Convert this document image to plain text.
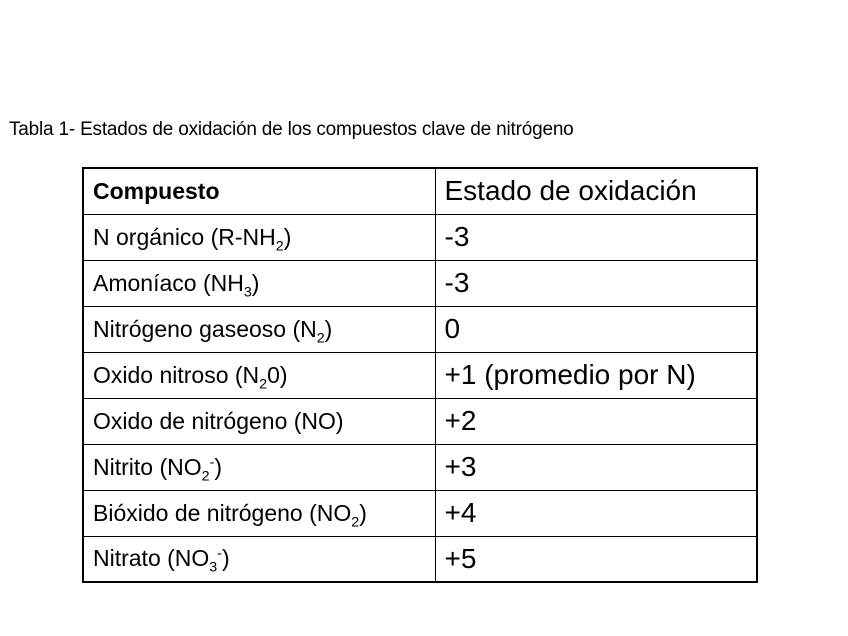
Tabla 1- Estados de oxidación de los compuestos clave de nitrógeno
Compuesto	Estado de oxidación
N orgánico $(R-NH_2)$	-3
Amoníaco $(NH_3)$	-3
Nitrógeno gaseoso $(N_2)$	0
Oxido nitroso $(N_20)$	+1 (promedio por N)
Oxido de nitrógeno (NO)	+2
Nitrito $(NO_2^-)$	+3
Bióxido de nitrógeno $(NO_2)$	+4
Nitrato $(NO_3^-)$	+5
